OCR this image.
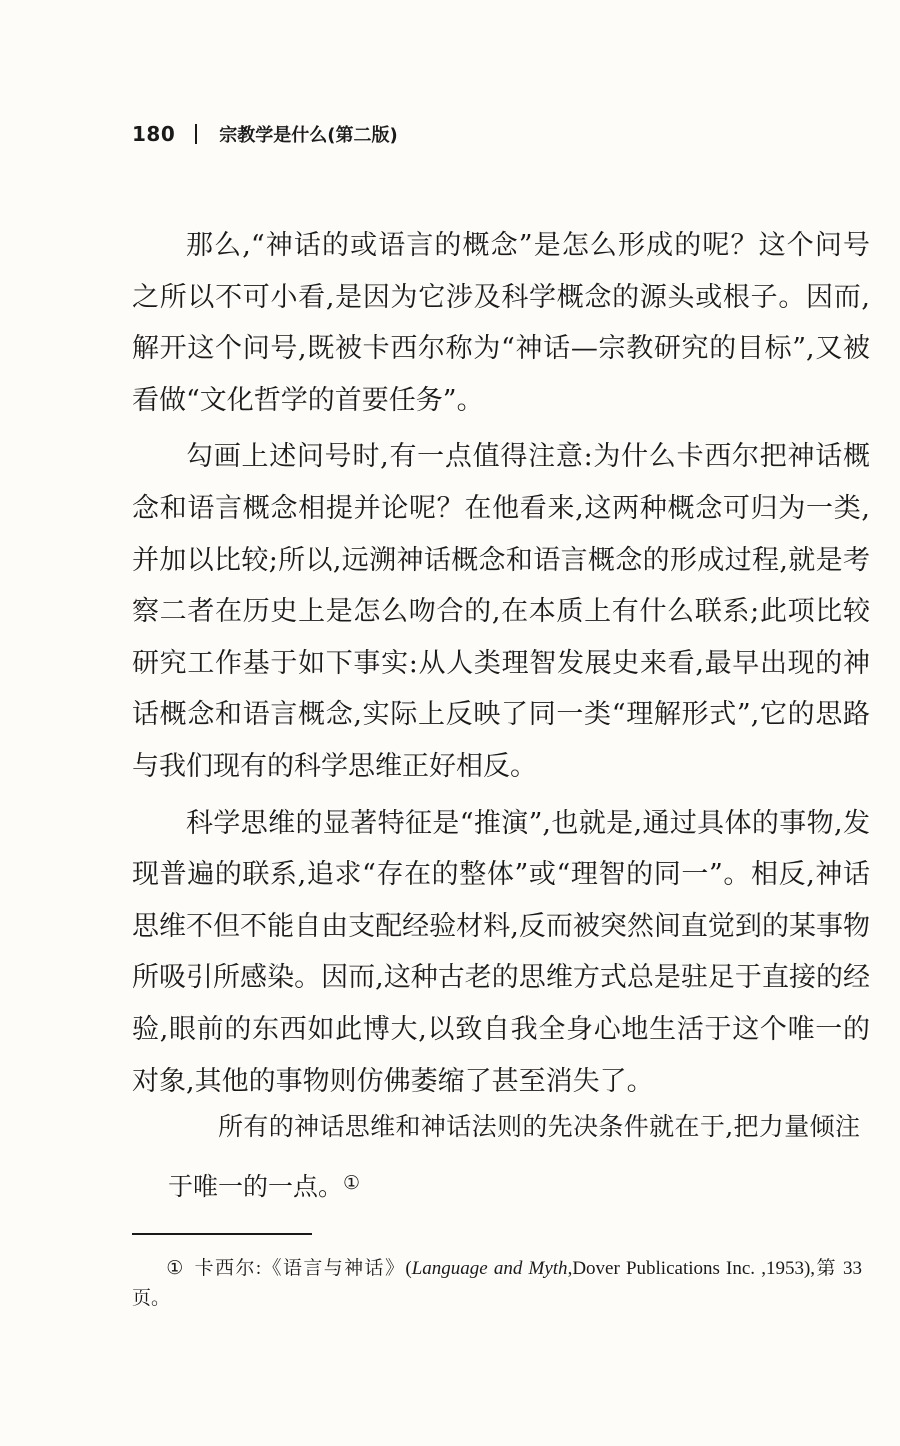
180 宗教学是什么(第二版)

那么,“神话的或语言的概念”是怎么形成的呢？这个问号之所以不可小看,是因为它涉及科学概念的源头或根子。因而,解开这个问号,既被卡西尔称为“神话—宗教研究的目标”,又被看做“文化哲学的首要任务”。

勾画上述问号时,有一点值得注意:为什么卡西尔把神话概念和语言概念相提并论呢？在他看来,这两种概念可归为一类,并加以比较;所以,远溯神话概念和语言概念的形成过程,就是考察二者在历史上是怎么吻合的,在本质上有什么联系;此项比较研究工作基于如下事实:从人类理智发展史来看,最早出现的神话概念和语言概念,实际上反映了同一类“理解形式”,它的思路与我们现有的科学思维正好相反。

科学思维的显著特征是“推演”,也就是,通过具体的事物,发现普遍的联系,追求“存在的整体”或“理智的同一”。相反,神话思维不但不能自由支配经验材料,反而被突然间直觉到的某事物所吸引所感染。因而,这种古老的思维方式总是驻足于直接的经验,眼前的东西如此博大,以致自我全身心地生活于这个唯一的对象,其他的事物则仿佛萎缩了甚至消失了。

所有的神话思维和神话法则的先决条件就在于,把力量倾注于唯一的一点。①

① 卡西尔:《语言与神话》(Language and Myth,Dover Publications Inc. ,1953),第 33 页。
